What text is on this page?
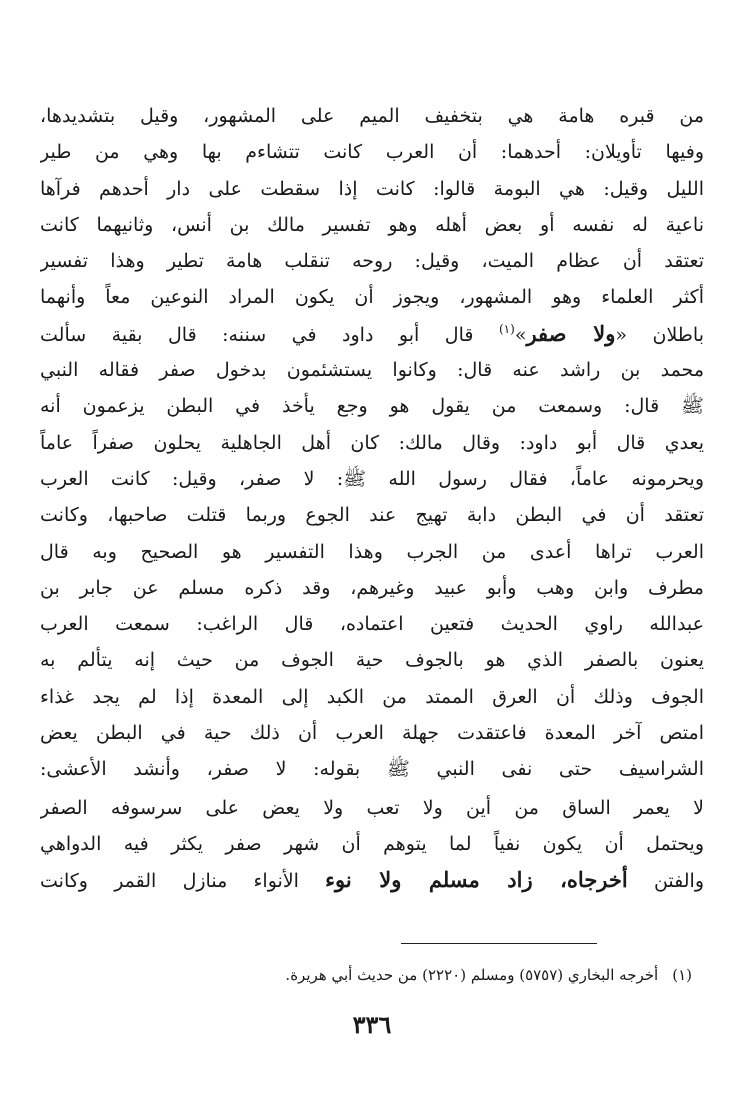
من قبره هامة هي بتخفيف الميم على المشهور، وقيل بتشديدها،
وفيها تأويلان: أحدهما: أن العرب كانت تتشاءم بها وهي من طير
الليل وقيل: هي البومة قالوا: كانت إذا سقطت على دار أحدهم فرآها
ناعية له نفسه أو بعض أهله وهو تفسير مالك بن أنس، وثانيهما كانت
تعتقد أن عظام الميت، وقيل: روحه تنقلب هامة تطير وهذا تفسير
أكثر العلماء وهو المشهور، ويجوز أن يكون المراد النوعين معاً وأنهما
باطلان «ولا صفر»$^{(١)}$ قال أبو داود في سننه: قال بقية سألت
محمد بن راشد عنه قال: وكانوا يستشئمون بدخول صفر فقاله النبي
ﷺ قال: وسمعت من يقول هو وجع يأخذ في البطن يزعمون أنه
يعدي قال أبو داود: وقال مالك: كان أهل الجاهلية يحلون صفراً عاماً
ويحرمونه عاماً، فقال رسول الله ﷺ: لا صفر، وقيل: كانت العرب
تعتقد أن في البطن دابة تهيج عند الجوع وربما قتلت صاحبها، وكانت
العرب تراها أعدى من الجرب وهذا التفسير هو الصحيح وبه قال
مطرف وابن وهب وأبو عبيد وغيرهم، وقد ذكره مسلم عن جابر بن
عبدالله راوي الحديث فتعين اعتماده، قال الراغب: سمعت العرب
يعنون بالصفر الذي هو بالجوف حية الجوف من حيث إنه يتألم به
الجوف وذلك أن العرق الممتد من الكبد إلى المعدة إذا لم يجد غذاء
امتص آخر المعدة فاعتقدت جهلة العرب أن ذلك حية في البطن يعض
الشراسيف حتى نفى النبي ﷺ بقوله: لا صفر، وأنشد الأعشى:
لا يعمر الساق من أين ولا تعب ولا يعض على سرسوفه الصفر
ويحتمل أن يكون نفياً لما يتوهم أن شهر صفر يكثر فيه الدواهي
والفتن أخرجاه، زاد مسلم ولا نوء الأنواء منازل القمر وكانت
(١)أخرجه البخاري (٥٧٥٧) ومسلم (٢٢٢٠) من حديث أبي هريرة.
٣٣٦
